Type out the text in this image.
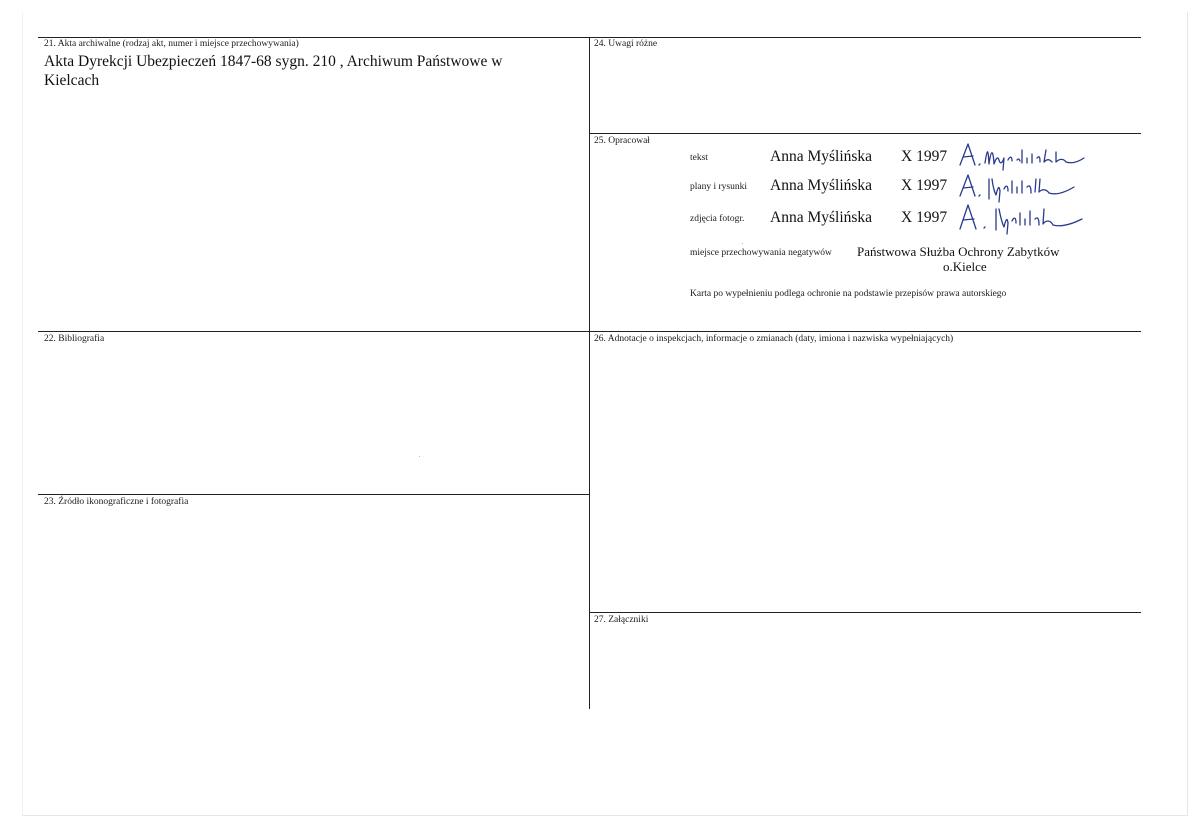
21. Akta archiwalne (rodzaj akt, numer i miejsce przechowywania)
Akta Dyrekcji Ubezpieczeń 1847-68 sygn. 210 , Archiwum Państwowe w
Kielcach
22. Bibliografia
23. Źródło ikonograficzne i fotografia
24. Uwagi różne
25. Opracował
tekst	Anna Myślińska X 1997
plany i rysunki Anna Myślińska X 1997
zdjęcia fotogr. Anna Myślińska X 1997
miejsce przechowywania negatywów Państwowa Służba Ochrony Zabytków
o.Kielce
Karta po wypełnieniu podlega ochronie na podstawie przepisów prawa autorskiego
26. Adnotacje o inspekcjach, informacje o zmianach (daty, imiona i nazwiska wypełniających)
27. Załączniki
